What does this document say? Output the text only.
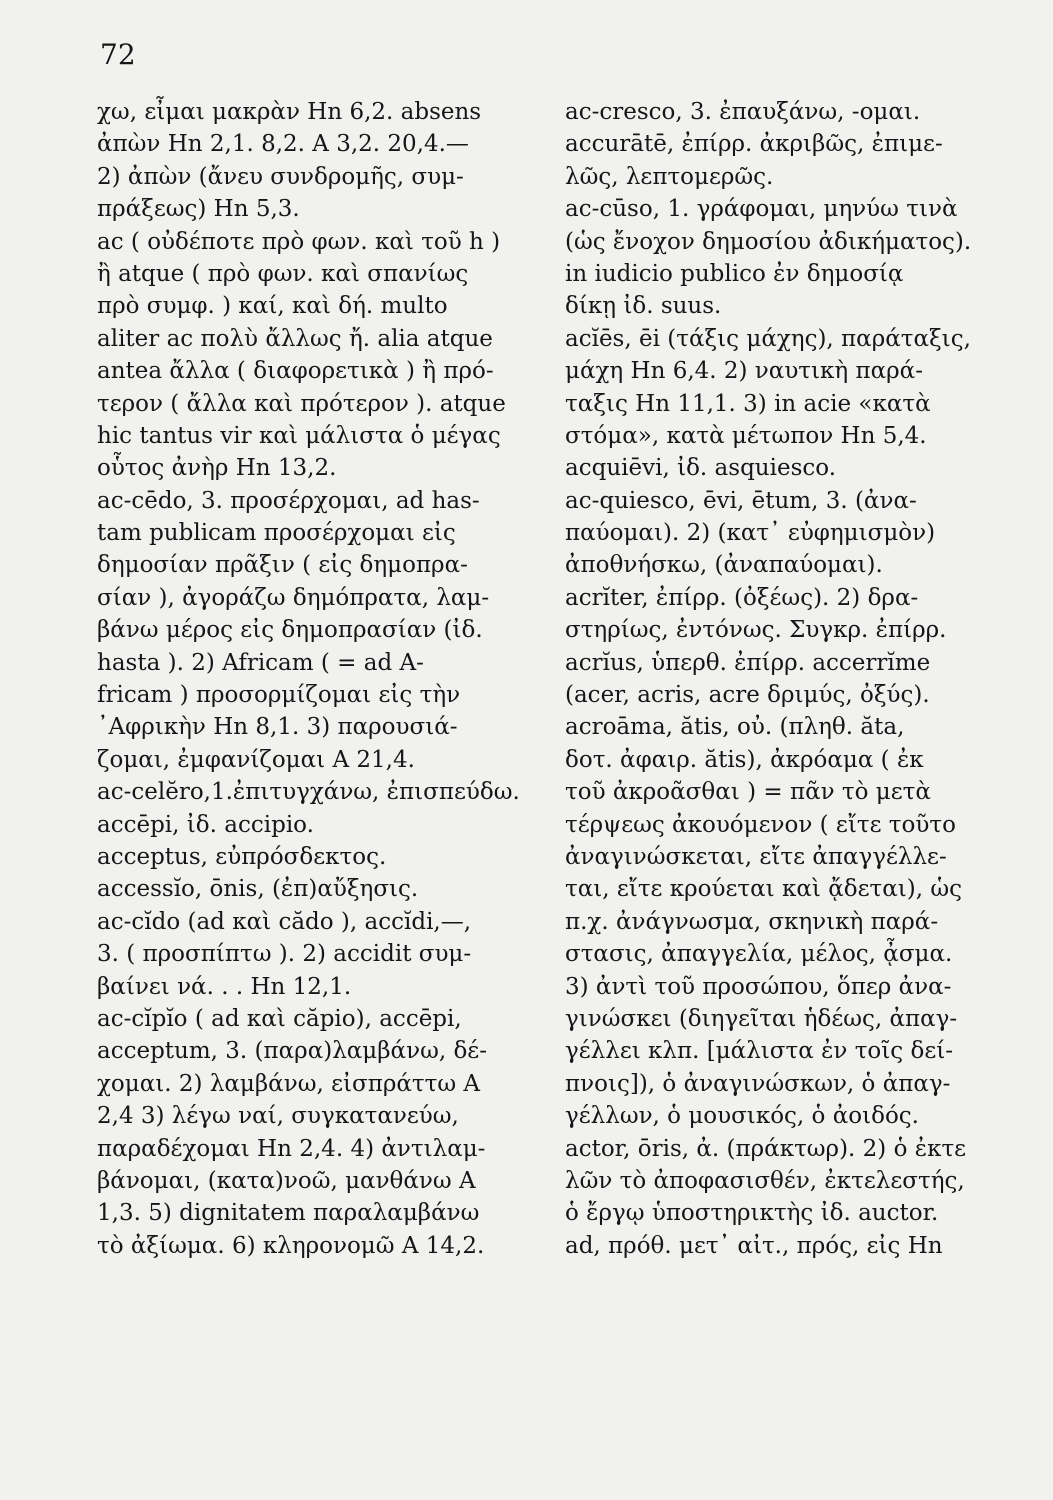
72
χω, εἶμαι μακρὰν Hn 6,2. absens
ἀπὼν Hn 2,1. 8,2. A 3,2. 20,4.—
2) ἀπὼν (ἄνευ συνδρομῆς, συμ-
πράξεως) Hn 5,3.
ac ( οὐδέποτε πρὸ φων. καὶ τοῦ h )
ἢ atque ( πρὸ φων. καὶ σπανίως
πρὸ συμφ. ) καί, καὶ δή. multo
aliter ac πολὺ ἄλλως ἤ. alia atque
antea ἄλλα ( διαφορετικὰ ) ἢ πρό-
τερον ( ἄλλα καὶ πρότερον ). atque
hic tantus vir καὶ μάλιστα ὁ μέγας
οὗτος ἀνὴρ Hn 13,2.
ac-cēdo, 3. προσέρχομαι, ad has-
tam publicam προσέρχομαι εἰς
δημοσίαν πρᾶξιν ( εἰς δημοπρα-
σίαν ), ἀγοράζω δημόπρατα, λαμ-
βάνω μέρος εἰς δημοπρασίαν (ἰδ.
hasta ). 2) Africam ( = ad A-
fricam ) προσορμίζομαι εἰς τὴν
᾿Αφρικὴν Hn 8,1. 3) παρουσιά-
ζομαι, ἐμφανίζομαι A 21,4.
ac-celĕro,1.ἐπιτυγχάνω, ἐπισπεύδω.
accēpi, ἰδ. accipio.
acceptus, εὐπρόσδεκτος.
accessĭo, ōnis, (ἐπ)αὔξησις.
ac-cĭdo (ad καὶ cădo ), accĭdi,—,
3. ( προσπίπτω ). 2) accidit συμ-
βαίνει νά. . . Hn 12,1.
ac-cĭpĭo ( ad καὶ căpio), accēpi,
acceptum, 3. (παρα)λαμβάνω, δέ-
χομαι. 2) λαμβάνω, εἰσπράττω A
2,4 3) λέγω ναί, συγκατανεύω,
παραδέχομαι Hn 2,4. 4) ἀντιλαμ-
βάνομαι, (κατα)νοῶ, μανθάνω A
1,3. 5) dignitatem παραλαμβάνω
τὸ ἀξίωμα. 6) κληρονομῶ A 14,2.
ac-cresco, 3. ἐπαυξάνω, -ομαι.
accurātē, ἐπίρρ. ἀκριβῶς, ἐπιμε-
λῶς, λεπτομερῶς.
ac-cūso, 1. γράφομαι, μηνύω τινὰ
(ὡς ἔνοχον δημοσίου ἀδικήματος).
in iudicio publico ἐν δημοσίᾳ
δίκῃ ἰδ. suus.
acĭēs, ēi (τάξις μάχης), παράταξις,
μάχη Hn 6,4. 2) ναυτικὴ παρά-
ταξις Hn 11,1. 3) in acie «κατὰ
στόμα», κατὰ μέτωπον Hn 5,4.
acquiēvi, ἰδ. asquiesco.
ac-quiesco, ēvi, ētum, 3. (ἀνα-
παύομαι). 2) (κατ᾿ εὐφημισμὸν)
ἀποθνήσκω, (ἀναπαύομαι).
acrĭter, ἐπίρρ. (ὀξέως). 2) δρα-
στηρίως, ἐντόνως. Συγκρ. ἐπίρρ.
acrĭus, ὑπερθ. ἐπίρρ. accerrĭme
(acer, acris, acre δριμύς, ὀξύς).
acroāma, ătis, οὐ. (πληθ. ăta,
δοτ. ἀφαιρ. ătis), ἀκρόαμα ( ἐκ
τοῦ ἀκροᾶσθαι ) = πᾶν τὸ μετὰ
τέρψεως ἀκουόμενον ( εἴτε τοῦτο
ἀναγινώσκεται, εἴτε ἀπαγγέλλε-
ται, εἴτε κρούεται καὶ ᾄδεται), ὡς
π.χ. ἀνάγνωσμα, σκηνικὴ παρά-
στασις, ἀπαγγελία, μέλος, ᾆσμα.
3) ἀντὶ τοῦ προσώπου, ὅπερ ἀνα-
γινώσκει (διηγεῖται ἡδέως, ἀπαγ-
γέλλει κλπ. [μάλιστα ἐν τοῖς δεί-
πνοις]), ὁ ἀναγινώσκων, ὁ ἀπαγ-
γέλλων, ὁ μουσικός, ὁ ἀοιδός.
actor, ōris, ἀ. (πράκτωρ). 2) ὁ ἐκτε
λῶν τὸ ἀποφασισθέν, ἐκτελεστής,
ὁ ἔργῳ ὑποστηρικτὴς ἰδ. auctor.
ad, πρόθ. μετ᾿ αἰτ., πρός, εἰς Hn
